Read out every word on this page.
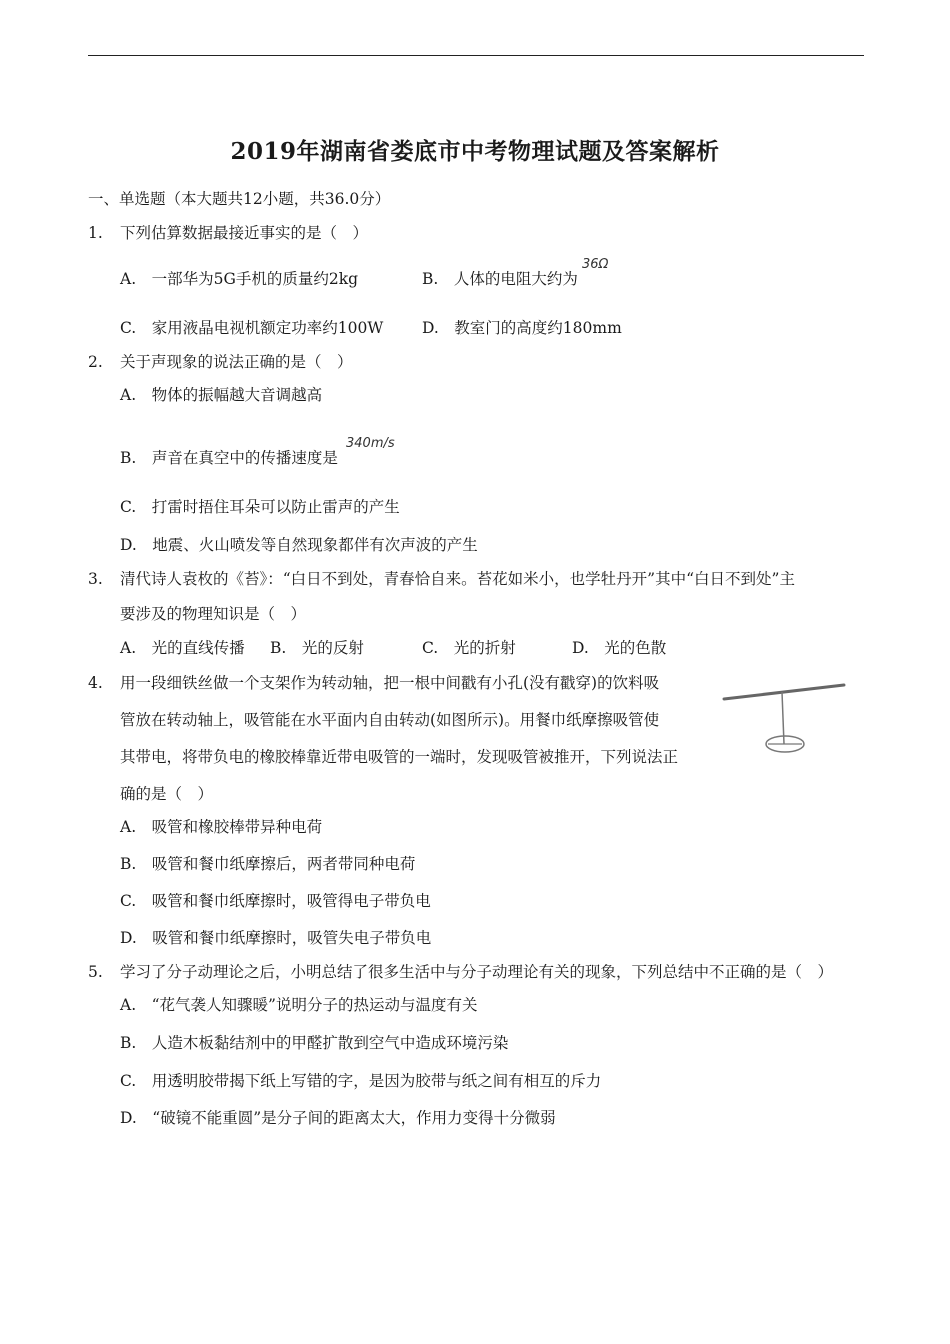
2019年湖南省娄底市中考物理试题及答案解析
一、单选题（本大题共12小题，共36.0分）
1. 下列估算数据最接近事实的是（　）
A.　一部华为5G手机的质量约2kg	B.　人体的电阻大约为
36Ω
C.　家用液晶电视机额定功率约100W D.　教室门的高度约180mm
2. 关于声现象的说法正确的是（　）
A.　物体的振幅越大音调越高
B.　声音在真空中的传播速度是
340m/s
C.　打雷时捂住耳朵可以防止雷声的产生
D.　地震、火山喷发等自然现象都伴有次声波的产生
3. 清代诗人袁枚的《苔》：“白日不到处，青春恰自来。苔花如米小，也学牡丹开”其中“白日不到处”主
要涉及的物理知识是（　）
A.　光的直线传播 B.　光的反射	C.　光的折射	D.　光的色散
4. 用一段细铁丝做一个支架作为转动轴，把一根中间戳有小孔(没有戳穿)的饮料吸
管放在转动轴上，吸管能在水平面内自由转动(如图所示)。用餐巾纸摩擦吸管使
其带电，将带负电的橡胶棒靠近带电吸管的一端时，发现吸管被推开，下列说法正
确的是（　）
A.　吸管和橡胶棒带异种电荷
B.　吸管和餐巾纸摩擦后，两者带同种电荷
C.　吸管和餐巾纸摩擦时，吸管得电子带负电
D.　吸管和餐巾纸摩擦时，吸管失电子带负电
5. 学习了分子动理论之后，小明总结了很多生活中与分子动理论有关的现象，下列总结中不正确的是（　）
A.　“花气袭人知骤暖”说明分子的热运动与温度有关
B.　人造木板黏结剂中的甲醛扩散到空气中造成环境污染
C.　用透明胶带揭下纸上写错的字，是因为胶带与纸之间有相互的斥力
D.　“破镜不能重圆”是分子间的距离太大，作用力变得十分微弱
